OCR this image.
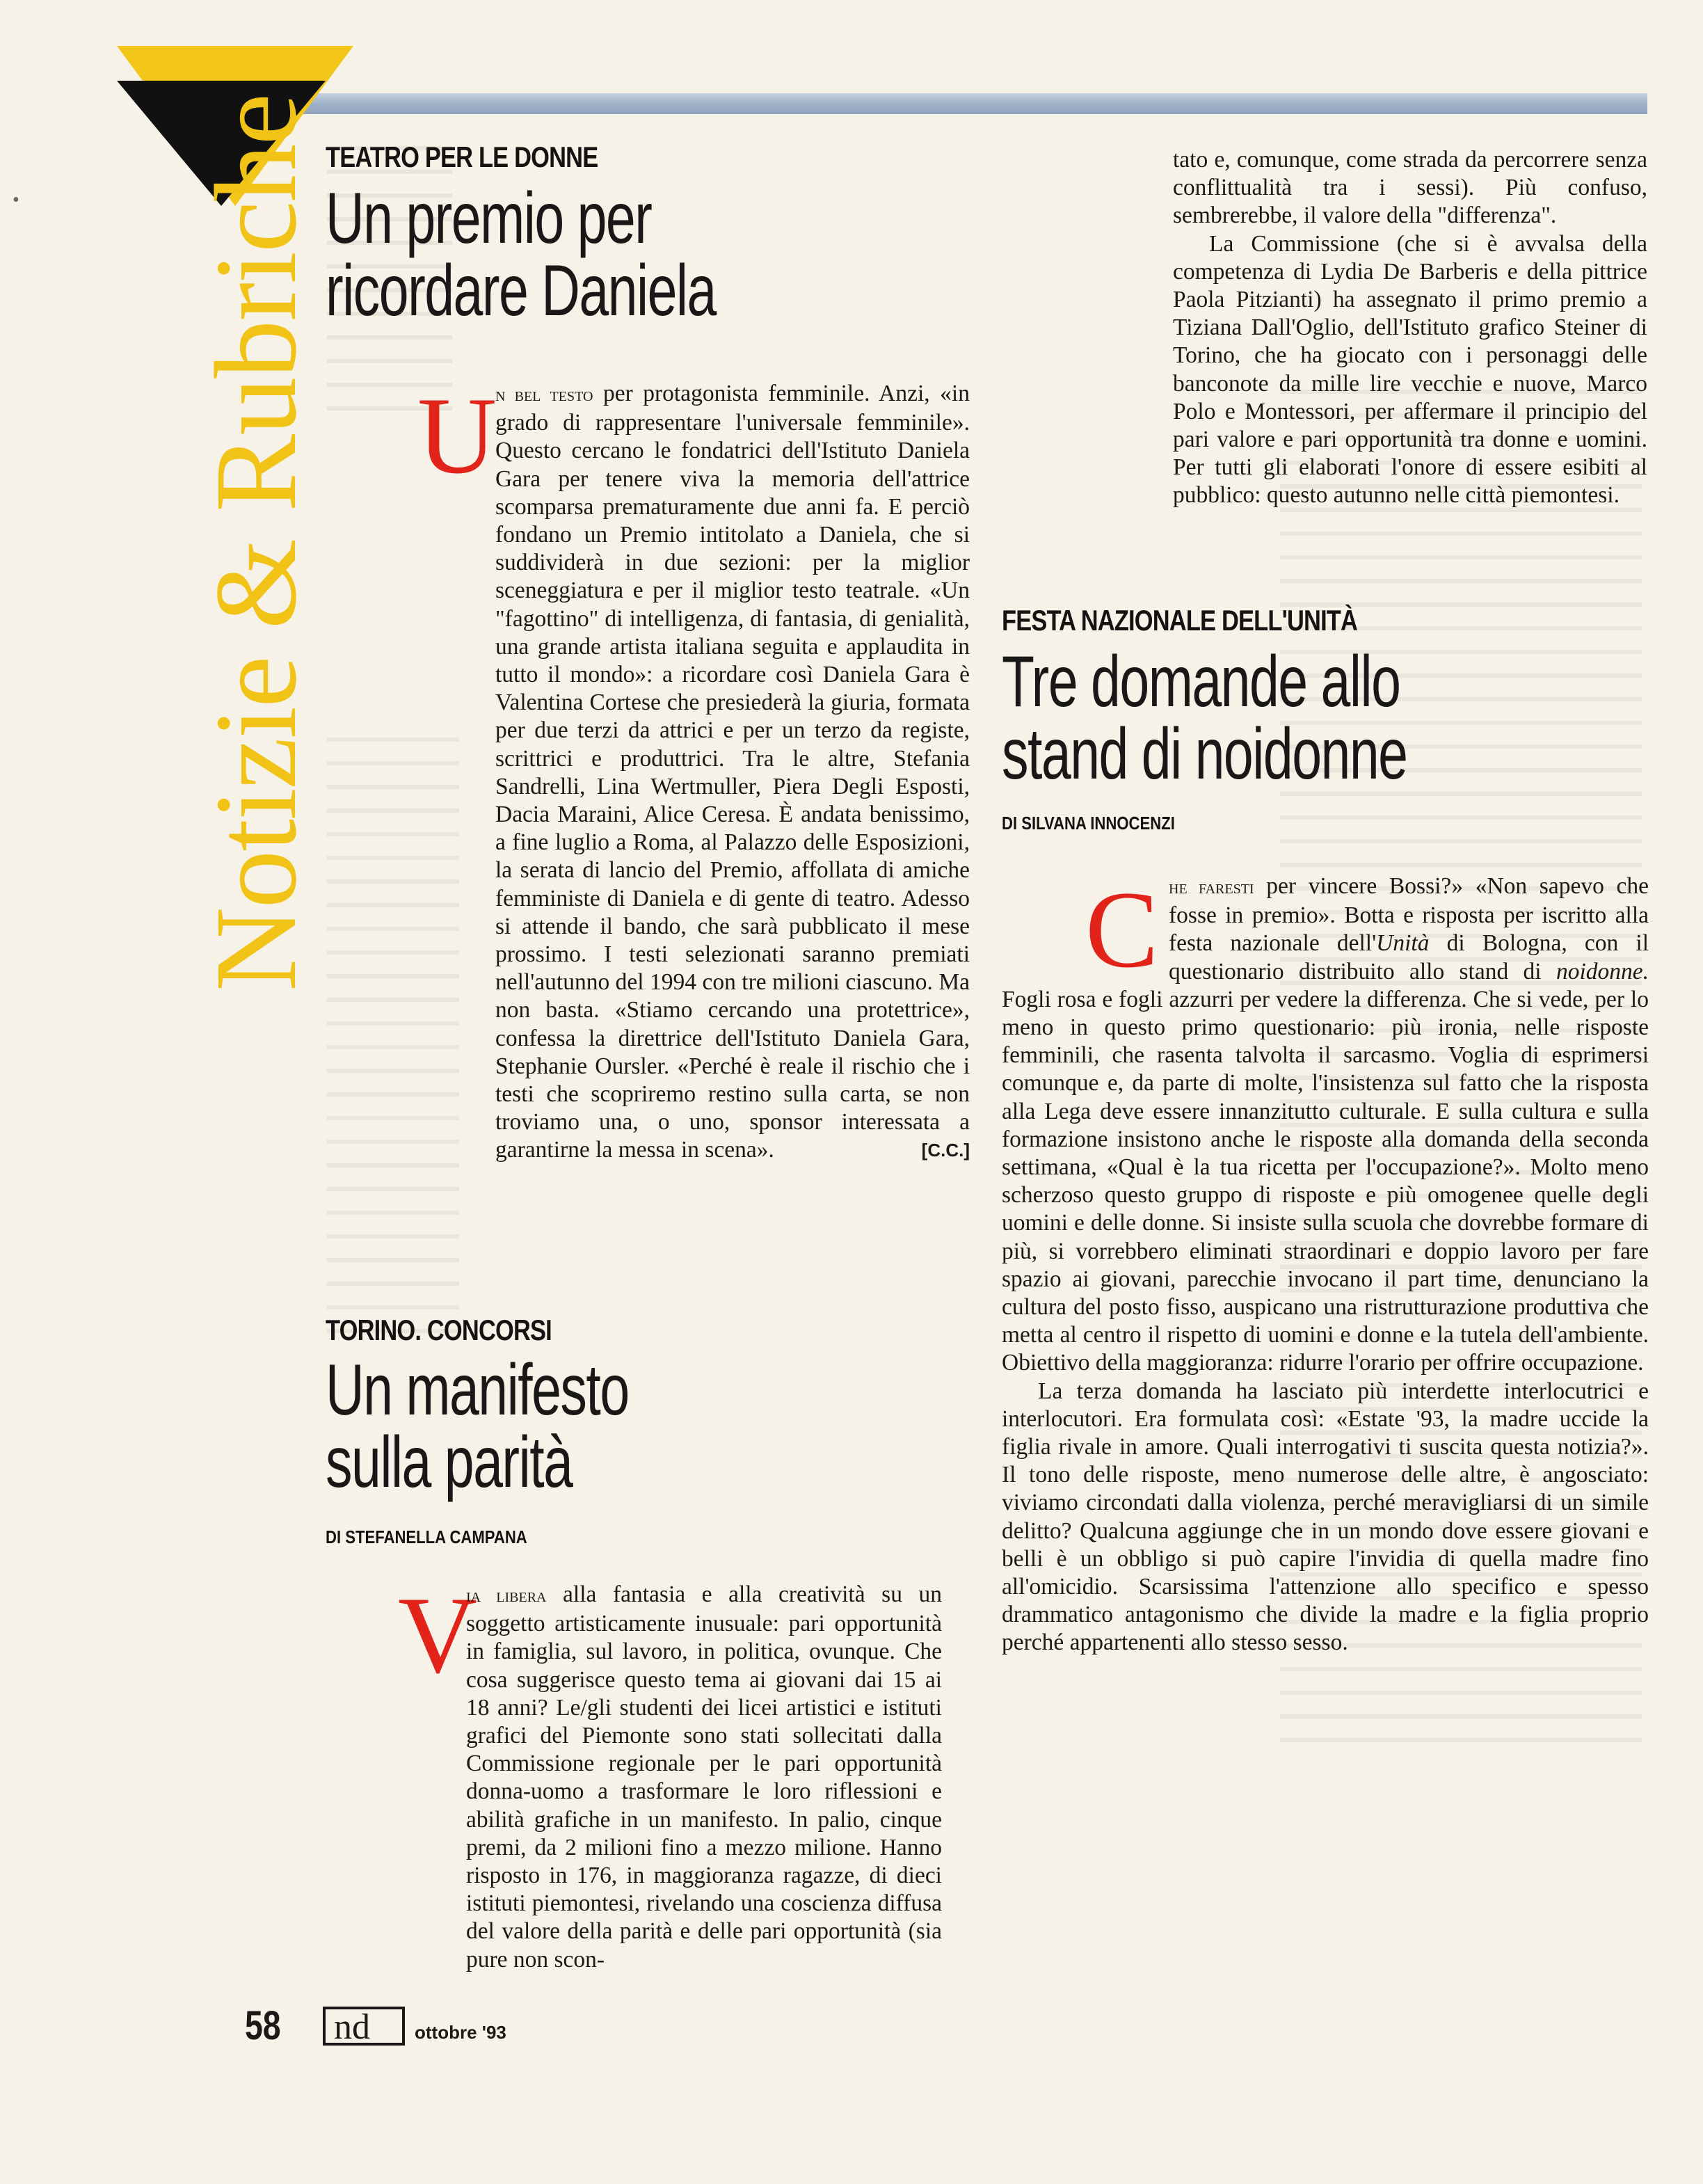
Notizie & Rubriche
•
TEATRO PER LE DONNE
Un premio per
ricordare Daniela
U

n bel testo per protagonista femminile. Anzi, «in grado di rappresentare l'universale femminile». Questo cercano le fondatrici dell'Istituto Daniela Gara per tenere viva la memoria dell'attrice scomparsa prematuramente due anni fa. E perciò fondano un Premio intitolato a Daniela, che si suddividerà in due sezioni: per la miglior sceneggiatura e per il miglior testo teatrale. «Un "fagottino" di intelligenza, di fantasia, di genialità, una grande artista italiana seguita e applaudita in tutto il mondo»: a ricordare così Daniela Gara è Valentina Cortese che presiederà la giuria, formata per due terzi da attrici e per un terzo da registe, scrittrici e produttrici. Tra le altre, Stefania Sandrelli, Lina Wertmuller, Piera Degli Esposti, Dacia Maraini, Alice Ceresa. È andata benissimo, a fine luglio a Roma, al Palazzo delle Esposizioni, la serata di lancio del Premio, affollata di amiche femministe di Daniela e di gente di teatro. Adesso si attende il bando, che sarà pubblicato il mese prossimo. I testi selezionati saranno premiati nell'autunno del 1994 con tre milioni ciascuno. Ma non basta. «Stiamo cercando una protettrice», confessa la direttrice dell'Istituto Daniela Gara, Stephanie Oursler. «Perché è reale il rischio che i testi che scopriremo restino sulla carta, se non troviamo una, o uno, sponsor interessata a garantirne la messa in scena».	[C.C.]

TORINO. CONCORSI
Un manifesto
sulla parità
DI STEFANELLA CAMPANA
V

ia libera alla fantasia e alla creatività su un soggetto artisticamente inusuale: pari opportunità in famiglia, sul lavoro, in politica, ovunque. Che cosa suggerisce questo tema ai giovani dai 15 ai 18 anni? Le/gli studenti dei licei artistici e istituti grafici del Piemonte sono stati sollecitati dalla Commissione regionale per le pari opportunità donna-uomo a trasformare le loro riflessioni e abilità grafiche in un manifesto. In palio, cinque premi, da 2 milioni fino a mezzo milione. Hanno risposto in 176, in maggioranza ragazze, di dieci istituti piemontesi, rivelando una coscienza diffusa del valore della parità e delle pari opportunità (sia pure non scon-

tato e, comunque, come strada da percorrere senza conflittualità tra i sessi). Più confuso, sembrerebbe, il valore della "differenza".

La Commissione (che si è avvalsa della competenza di Lydia De Barberis e della pittrice Paola Pitzianti) ha assegnato il primo premio a Tiziana Dall'Oglio, dell'Istituto grafico Steiner di Torino, che ha giocato con i personaggi delle banconote da mille lire vecchie e nuove, Marco Polo e Montessori, per affermare il principio del pari valore e pari opportunità tra donne e uomini. Per tutti gli elaborati l'onore di essere esibiti al pubblico: questo autunno nelle città piemontesi.

FESTA NAZIONALE DELL'UNITÀ
Tre domande allo
stand di noidonne
DI SILVANA INNOCENZI
C he faresti per vincere Bossi?» «Non sapevo che fosse in premio». Botta e risposta per iscritto alla festa nazionale dell'Unità di Bologna, con il questionario distribuito allo stand di noidonne. Fogli rosa e fogli azzurri per vedere la differenza. Che si vede, per lo meno in questo primo questionario: più ironia, nelle risposte femminili, che rasenta talvolta il sarcasmo. Voglia di esprimersi comunque e, da parte di molte, l'insistenza sul fatto che la risposta alla Lega deve essere innanzitutto culturale. E sulla cultura e sulla formazione insistono anche le risposte alla domanda della seconda settimana, «Qual è la tua ricetta per l'occupazione?». Molto meno scherzoso questo gruppo di risposte e più omogenee quelle degli uomini e delle donne. Si insiste sulla scuola che dovrebbe formare di più, si vorrebbero eliminati straordinari e doppio lavoro per fare spazio ai giovani, parecchie invocano il part time, denunciano la cultura del posto fisso, auspicano una ristrutturazione produttiva che metta al centro il rispetto di uomini e donne e la tutela dell'ambiente. Obiettivo della maggioranza: ridurre l'orario per offrire occupazione.

La terza domanda ha lasciato più interdette interlocutrici e interlocutori. Era formulata così: «Estate '93, la madre uccide la figlia rivale in amore. Quali interrogativi ti suscita questa notizia?». Il tono delle risposte, meno numerose delle altre, è angosciato: viviamo circondati dalla violenza, perché meravigliarsi di un simile delitto? Qualcuna aggiunge che in un mondo dove essere giovani e belli è un obbligo si può capire l'invidia di quella madre fino all'omicidio. Scarsissima l'attenzione allo specifico e spesso drammatico antagonismo che divide la madre e la figlia proprio perché appartenenti allo stesso sesso.

58 nd ottobre '93
